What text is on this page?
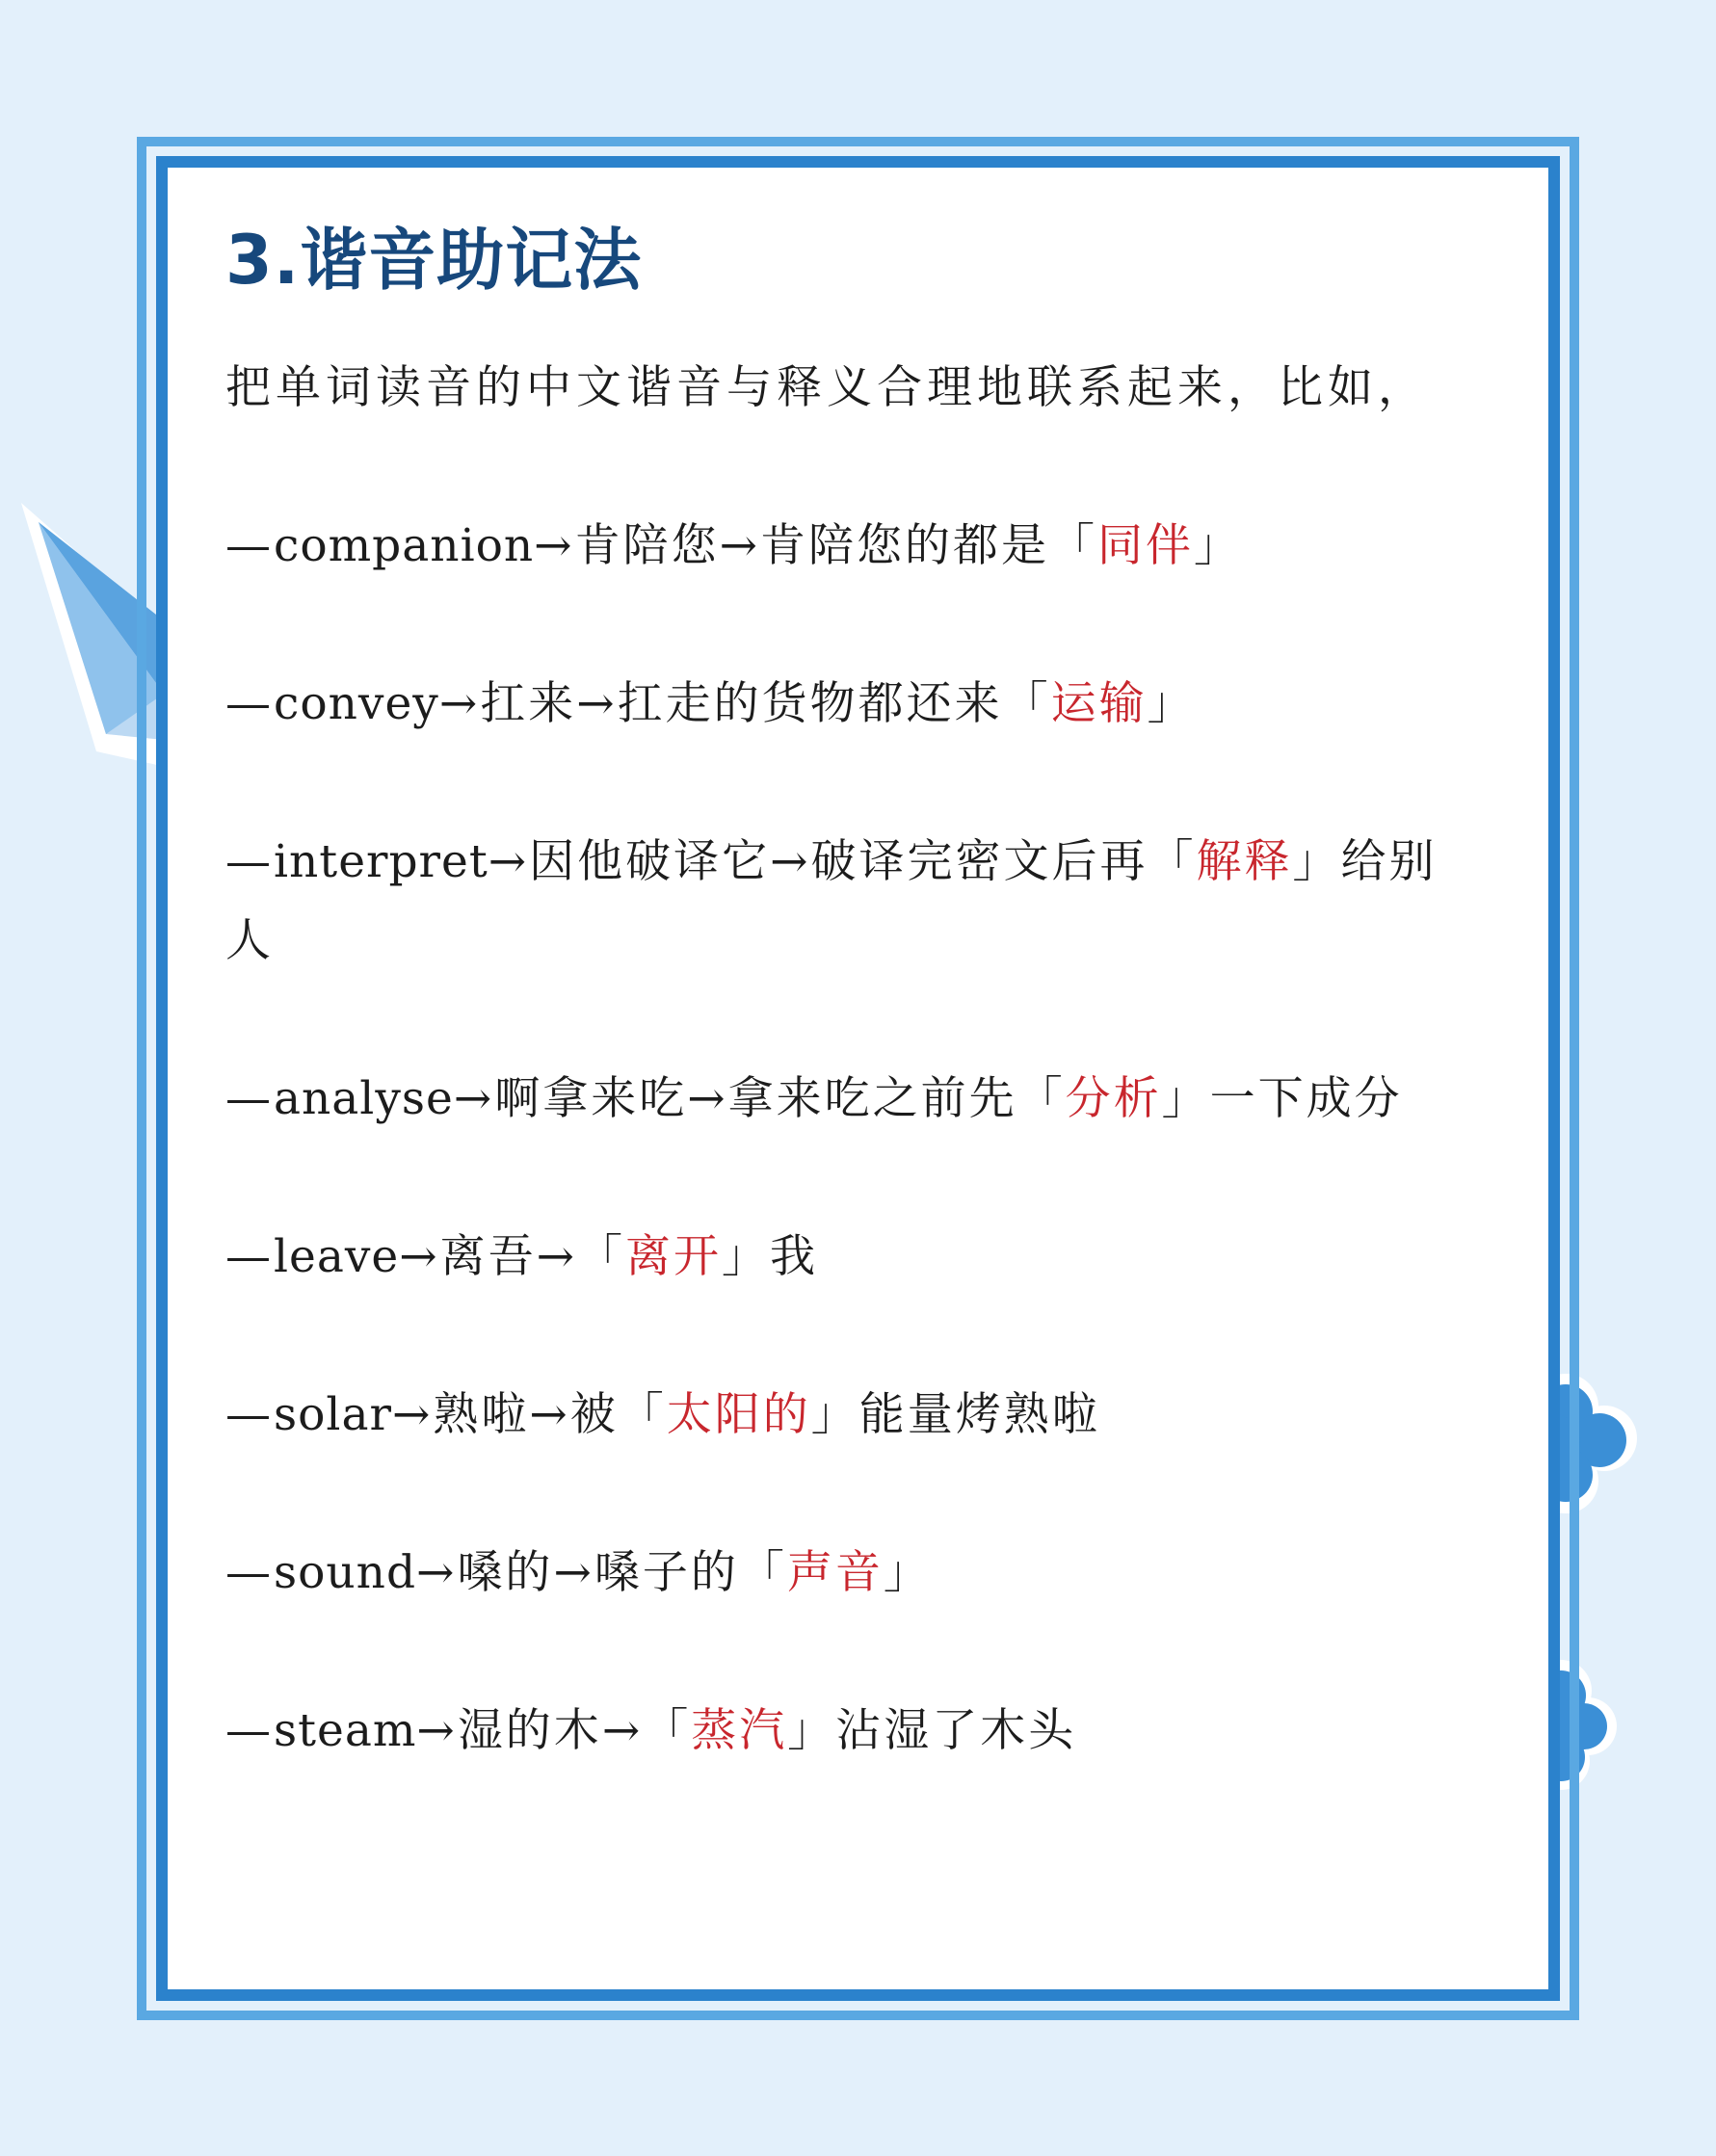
3.谐音助记法

把单词读音的中文谐音与释义合理地联系起来，比如，

—companion→肯陪您→肯陪您的都是「同伴」
—convey→扛来→扛走的货物都还来「运输」
—interpret→因他破译它→破译完密文后再「解释」给别人
—analyse→啊拿来吃→拿来吃之前先「分析」一下成分
—leave→离吾→「离开」我
—solar→熟啦→被「太阳的」能量烤熟啦
—sound→嗓的→嗓子的「声音」
—steam→湿的木→「蒸汽」沾湿了木头
